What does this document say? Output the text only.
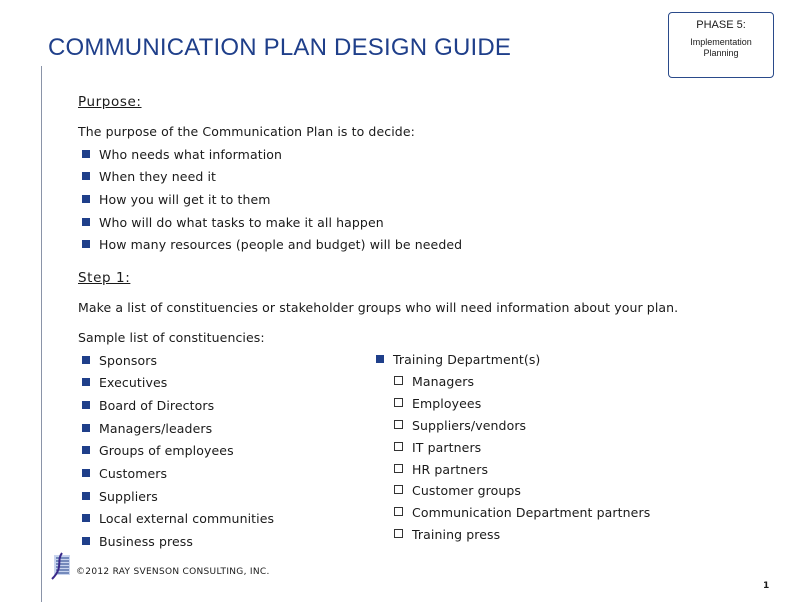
COMMUNICATION PLAN DESIGN GUIDE
PHASE 5:
Implementation Planning
Purpose:
The purpose of the Communication Plan is to decide:
Who needs what information
When they need it
How you will get it to them
Who will do what tasks to make it all happen
How many resources (people and budget) will be needed
Step 1:
Make a list of constituencies or stakeholder groups who will need information about your plan.
Sample list of constituencies:
Sponsors
Executives
Board of Directors
Managers/leaders
Groups of employees
Customers
Suppliers
Local external communities
Business press
Training Department(s)
Managers
Employees
Suppliers/vendors
IT partners
HR partners
Customer groups
Communication Department partners
Training press
©2012 RAY SVENSON CONSULTING, INC.
1
